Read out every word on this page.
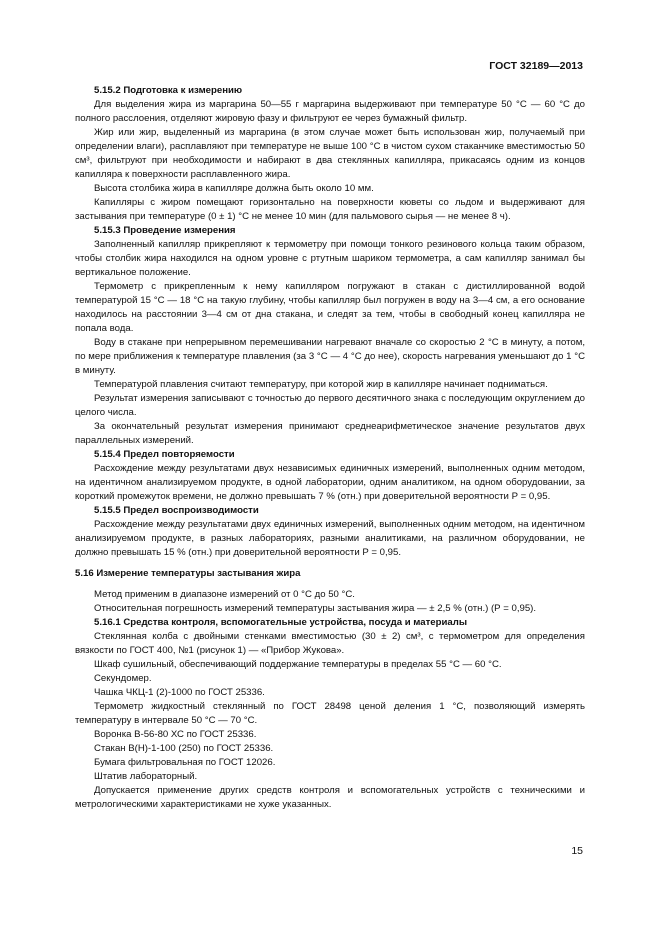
ГОСТ 32189—2013

5.15.2 Подготовка к измерению

Для выделения жира из маргарина 50—55 г маргарина выдерживают при температуре 50 °С — 60 °С до полного расслоения, отделяют жировую фазу и фильтруют ее через бумажный фильтр.

Жир или жир, выделенный из маргарина (в этом случае может быть использован жир, получаемый при определении влаги), расплавляют при температуре не выше 100 °С в чистом сухом стаканчике вместимостью 50 см³, фильтруют при необходимости и набирают в два стеклянных капилляра, прикасаясь одним из концов капилляра к поверхности расплавленного жира.

Высота столбика жира в капилляре должна быть около 10 мм.

Капилляры с жиром помещают горизонтально на поверхности кюветы со льдом и выдерживают для застывания при температуре (0 ± 1) °С не менее 10 мин (для пальмового сырья — не менее 8 ч).

5.15.3 Проведение измерения

Заполненный капилляр прикрепляют к термометру при помощи тонкого резинового кольца таким образом, чтобы столбик жира находился на одном уровне с ртутным шариком термометра, а сам капилляр занимал бы вертикальное положение.

Термометр с прикрепленным к нему капилляром погружают в стакан с дистиллированной водой температурой 15 °С — 18 °С на такую глубину, чтобы капилляр был погружен в воду на 3—4 см, а его основание находилось на расстоянии 3—4 см от дна стакана, и следят за тем, чтобы в свободный конец капилляра не попала вода.

Воду в стакане при непрерывном перемешивании нагревают вначале со скоростью 2 °С в минуту, а потом, по мере приближения к температуре плавления (за 3 °С — 4 °С до нее), скорость нагревания уменьшают до 1 °С в минуту.

Температурой плавления считают температуру, при которой жир в капилляре начинает подниматься.

Результат измерения записывают с точностью до первого десятичного знака с последующим округлением до целого числа.

За окончательный результат измерения принимают среднеарифметическое значение результатов двух параллельных измерений.

5.15.4 Предел повторяемости

Расхождение между результатами двух независимых единичных измерений, выполненных одним методом, на идентичном анализируемом продукте, в одной лаборатории, одним аналитиком, на одном оборудовании, за короткий промежуток времени, не должно превышать 7 % (отн.) при доверительной вероятности Р = 0,95.

5.15.5 Предел воспроизводимости

Расхождение между результатами двух единичных измерений, выполненных одним методом, на идентичном анализируемом продукте, в разных лабораториях, разными аналитиками, на различном оборудовании, не должно превышать 15 % (отн.) при доверительной вероятности Р = 0,95.

5.16 Измерение температуры застывания жира

Метод применим в диапазоне измерений от 0 °С до 50 °С.

Относительная погрешность измерений температуры застывания жира — ± 2,5 % (отн.) (Р = 0,95).

5.16.1 Средства контроля, вспомогательные устройства, посуда и материалы

Стеклянная колба с двойными стенками вместимостью (30 ± 2) см³, с термометром для определения вязкости по ГОСТ 400, №1 (рисунок 1) — «Прибор Жукова».

Шкаф сушильный, обеспечивающий поддержание температуры в пределах 55 °С — 60 °С.

Секундомер.

Чашка ЧКЦ-1 (2)-1000 по ГОСТ 25336.

Термометр жидкостный стеклянный по ГОСТ 28498 ценой деления 1 °С, позволяющий измерять температуру в интервале 50 °С — 70 °С.

Воронка В-56-80 ХС по ГОСТ 25336.

Стакан В(Н)-1-100 (250) по ГОСТ 25336.

Бумага фильтровальная по ГОСТ 12026.

Штатив лабораторный.

Допускается применение других средств контроля и вспомогательных устройств с техническими и метрологическими характеристиками не хуже указанных.

15
